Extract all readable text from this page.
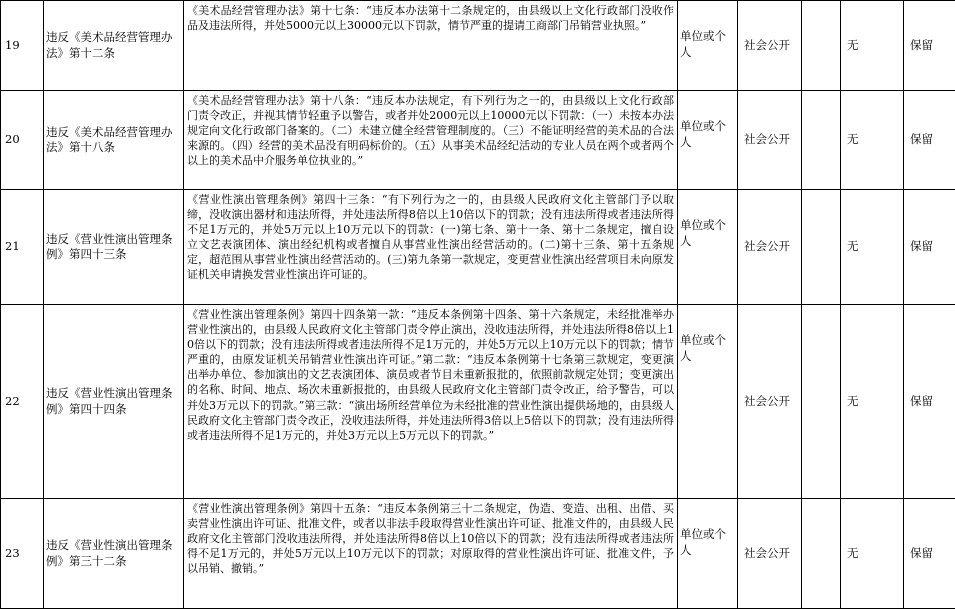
19	违反《美术品经营管理办法》第十二条	《美术品经营管理办法》第十七条：“违反本办法第十二条规定的，由县级以上文化行政部门没收作品及违法所得，并处5000元以上30000元以下罚款，情节严重的提请工商部门吊销营业执照。”	单位或个人	社会公开		无	保留
20	违反《美术品经营管理办法》第十八条	《美术品经营管理办法》第十八条：“违反本办法规定，有下列行为之一的，由县级以上文化行政部门责令改正，并视其情节轻重予以警告，或者并处2000元以上10000元以下罚款：（一）未按本办法规定向文化行政部门备案的。（二）未建立健全经营管理制度的。（三）不能证明经营的美术品的合法来源的。（四）经营的美术品没有明码标价的。（五）从事美术品经纪活动的专业人员在两个或者两个以上的美术品中介服务单位执业的。”	单位或个人	社会公开		无	保留
21	违反《营业性演出管理条例》第四十三条	《营业性演出管理条例》第四十三条：“有下列行为之一的，由县级人民政府文化主管部门予以取缔，没收演出器材和违法所得，并处违法所得8倍以上10倍以下的罚款；没有违法所得或者违法所得不足1万元的，并处5万元以上10万元以下的罚款：(一)第七条、第十一条、第十二条规定，擅自设立文艺表演团体、演出经纪机构或者擅自从事营业性演出经营活动的。(二)第十三条、第十五条规定，超范围从事营业性演出经营活动的。(三)第九条第一款规定，变更营业性演出经营项目未向原发证机关申请换发营业性演出许可证的。	单位或个人	社会公开		无	保留
22	违反《营业性演出管理条例》第四十四条	《营业性演出管理条例》第四十四条第一款：“违反本条例第十四条、第十六条规定，未经批准举办营业性演出的，由县级人民政府文化主管部门责令停止演出，没收违法所得，并处违法所得8倍以上10倍以下的罚款；没有违法所得或者违法所得不足1万元的，并处5万元以上10万元以下的罚款；情节严重的，由原发证机关吊销营业性演出许可证。”第二款：“违反本条例第十七条第三款规定，变更演出举办单位、参加演出的文艺表演团体、演员或者节目未重新报批的，依照前款规定处罚；变更演出的名称、时间、地点、场次未重新报批的，由县级人民政府文化主管部门责令改正，给予警告，可以并处3万元以下的罚款。”第三款：“演出场所经营单位为未经批准的营业性演出提供场地的，由县级人民政府文化主管部门责令改正，没收违法所得，并处违法所得3倍以上5倍以下的罚款；没有违法所得或者违法所得不足1万元的，并处3万元以上5万元以下的罚款。”	单位或个人	社会公开		无	保留
23	违反《营业性演出管理条例》第三十二条	《营业性演出管理条例》第四十五条：“违反本条例第三十二条规定，伪造、变造、出租、出借、买卖营业性演出许可证、批准文件，或者以非法手段取得营业性演出许可证、批准文件的，由县级人民政府文化主管部门没收违法所得，并处违法所得8倍以上10倍以下的罚款；没有违法所得或者违法所得不足1万元的，并处5万元以上10万元以下的罚款；对原取得的营业性演出许可证、批准文件，予以吊销、撤销。”	单位或个人	社会公开		无	保留
